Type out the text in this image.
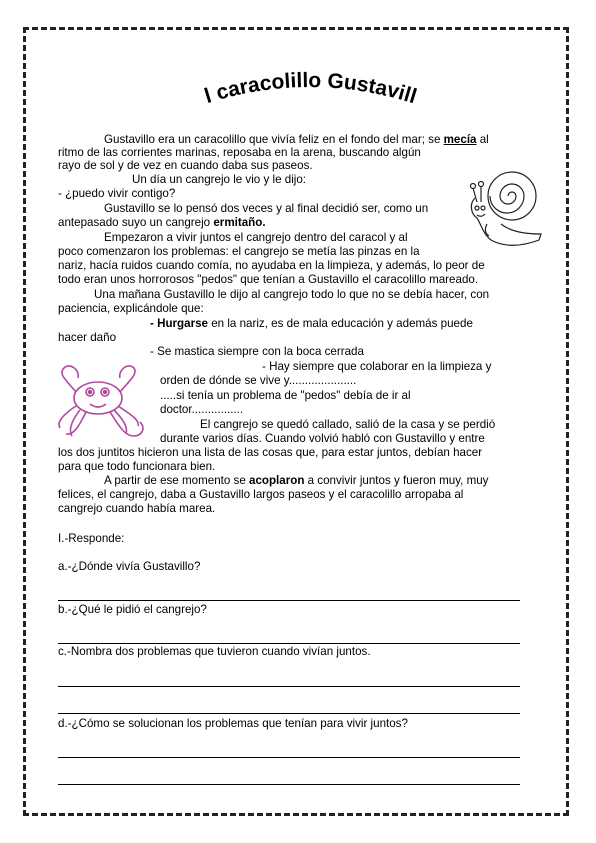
El caracolillo Gustavillo
Gustavillo era un caracolillo que vivía feliz en el fondo del mar; se mecía al
ritmo de las corrientes marinas, reposaba en la arena, buscando algún
rayo de sol y de vez en cuando daba sus paseos.
Un día un cangrejo le vio y le dijo:
- ¿puedo vivir contigo?
Gustavillo se lo pensó dos veces y al final decidió ser, como un
antepasado suyo un cangrejo ermitaño.
Empezaron a vivir juntos el cangrejo dentro del caracol y al
poco comenzaron los problemas: el cangrejo se metía las pinzas en la
nariz, hacía ruidos cuando comía, no ayudaba en la limpieza, y además, lo peor de
todo eran unos horrorosos "pedos" que tenían a Gustavillo el caracolillo mareado.
Una mañana Gustavillo le dijo al cangrejo todo lo que no se debía hacer, con
paciencia, explicándole que:
- Hurgarse en la nariz, es de mala educación y además puede
hacer daño
- Se mastica siempre con la boca cerrada
- Hay siempre que colaborar en la limpieza y
orden de dónde se vive y.....................
.....si tenía un problema de "pedos" debía de ir al
doctor................
El cangrejo se quedó callado, salió de la casa y se perdió
durante varios días. Cuando volvió habló con Gustavillo y entre
los dos juntitos hicieron una lista de las cosas que, para estar juntos, debían hacer
para que todo funcionara bien.
A partir de ese momento se acoplaron a convivir juntos y fueron muy, muy
felices, el cangrejo, daba a Gustavillo largos paseos y el caracolillo arropaba al
cangrejo cuando había marea.
I.-Responde:
a.-¿Dónde vivía Gustavillo?
b.-¿Qué le pidió el cangrejo?
c.-Nombra dos problemas que tuvieron cuando vivían juntos.
d.-¿Cómo se solucionan los problemas que tenían para vivir juntos?
